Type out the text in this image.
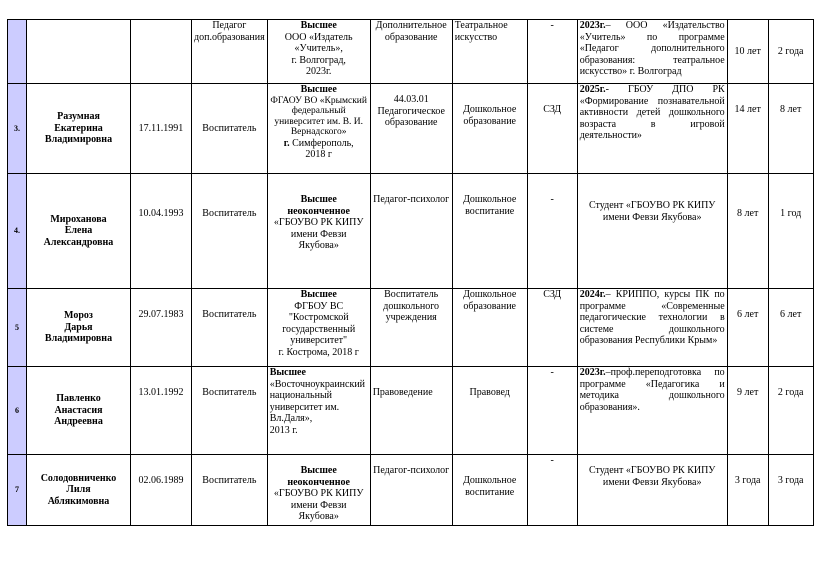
			Педагог доп.образования	Высшее
ООО «Издатель «Учитель»,
г. Волгоград,
2023г.	Дополнительное образование	Театральное искусство	-	2023г.– ООО «Издательство «Учитель» по программе «Педагог дополнительного образования: театральное искусство» г. Волгоград	10 лет	2 года
3.	Разумная
Екатерина
Владимировна	17.11.1991	Воспитатель	Высшее
ФГАОУ ВО «Крымский федеральный университет им. В. И. Вернадского»
г. Симферополь,
2018 г	44.03.01 Педагогическое образование	Дошкольное образование	СЗД	2025г.- ГБОУ ДПО РК «Формирование познавательной активности детей дошкольного возраста в игровой деятельности»	14 лет	8 лет
4.	Мироханова
Елена
Александровна	10.04.1993	Воспитатель	Высшее неоконченное
«ГБОУВО РК КИПУ имени Февзи Якубова»	Педагог-психолог	Дошкольное воспитание	-	Студент «ГБОУВО РК КИПУ имени Февзи Якубова»	8 лет	1 год
5	Мороз
Дарья
Владимировна	29.07.1983	Воспитатель	Высшее
ФГБОУ ВС "Костромской государственный университет"
г. Кострома, 2018 г	Воспитатель дошкольного учреждения	Дошкольное образование	СЗД	2024г.– КРИППО, курсы ПК по программе «Современные педагогические технологии в системе дошкольного образования Республики Крым»	6 лет	6 лет
6	Павленко
Анастасия
Андреевна	13.01.1992	Воспитатель	Высшее
«Восточноукраинский национальный университет им. Вл.Даля»,
2013 г.	Правоведение	Правовед	-	2023г.–проф.переподготовка по программе «Педагогика и методика дошкольного образования».	9 лет	2 года
7	Солодовниченко
Лиля
Аблякимовна	02.06.1989	Воспитатель	Высшее неоконченное
«ГБОУВО РК КИПУ имени Февзи Якубова»	Педагог-психолог	Дошкольное воспитание	-	Студент «ГБОУВО РК КИПУ имени Февзи Якубова»	3 года	3 года
